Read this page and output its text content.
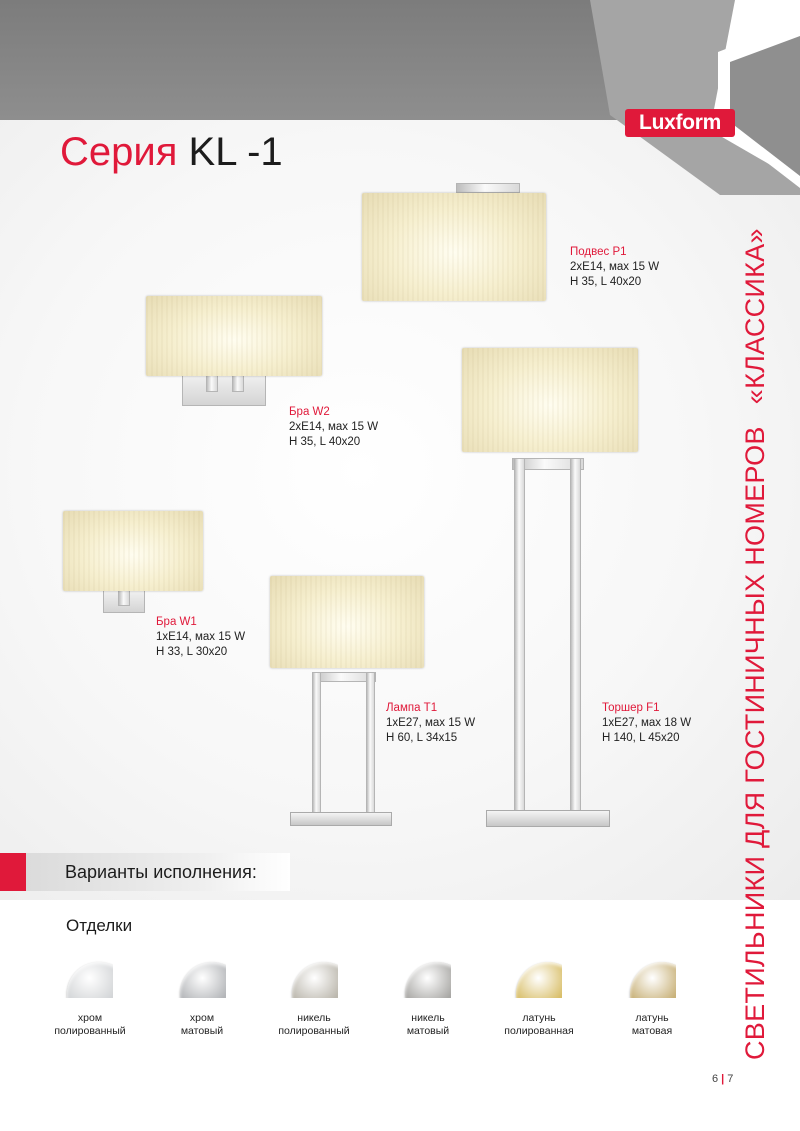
Luxform
Серия KL -1
СВЕТИЛЬНИКИ ДЛЯ ГОСТИНИЧНЫХ НОМЕРОВ«КЛАССИКА»
Подвес P1
2хE14, мах 15 W
H 35, L 40x20
Бра W2
2хE14, мах 15 W
H 35, L 40x20
Бра W1
1хE14, мах 15 W
H 33, L 30x20
Лампа T1
1хE27, мах 15 W
H 60, L 34x15
Торшер F1
1хE27, мах 18 W
H 140, L 45x20
Варианты исполнения:
Отделки
хром
полированный
хром
матовый
никель
полированный
никель
матовый
латунь
полированная
латунь
матовая
6 | 7
